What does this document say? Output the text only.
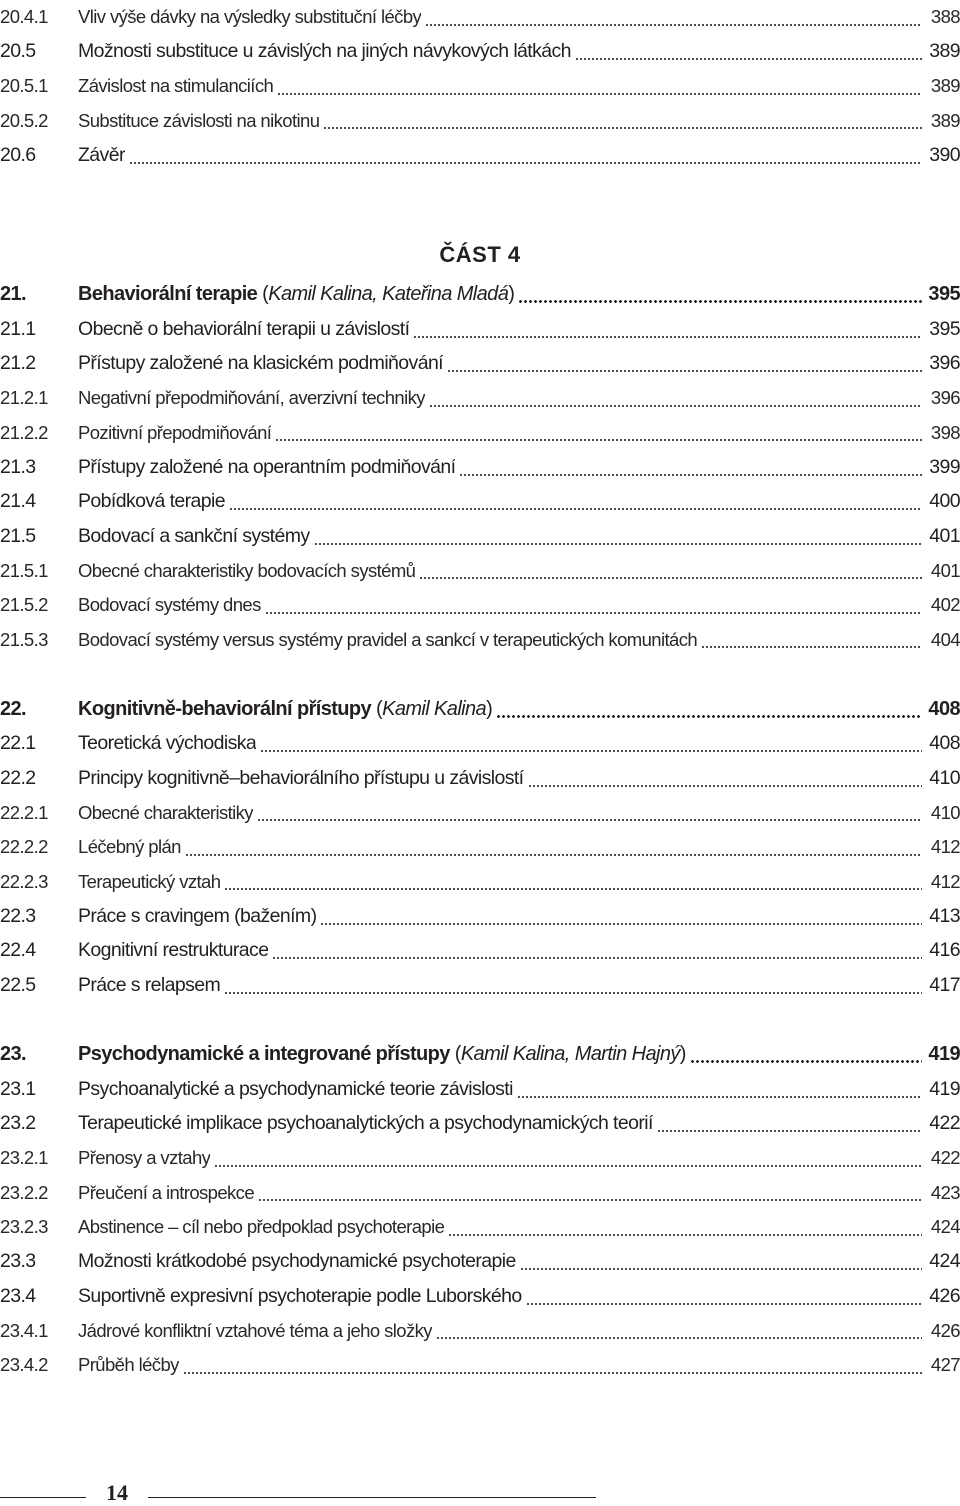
20.4.1	Vliv výše dávky na výsledky substituční léčby	388
20.5	Možnosti substituce u závislých na jiných návykových látkách	389
20.5.1	Závislost na stimulanciích	389
20.5.2	Substituce závislosti na nikotinu	389
20.6	Závěr	390
ČÁST 4
21.	Behaviorální terapie (Kamil Kalina, Kateřina Mladá)	395
21.1	Obecně o behaviorální terapii u závislostí	395
21.2	Přístupy založené na klasickém podmiňování	396
21.2.1	Negativní přepodmiňování, averzivní techniky	396
21.2.2	Pozitivní přepodmiňování	398
21.3	Přístupy založené na operantním podmiňování	399
21.4	Pobídková terapie	400
21.5	Bodovací a sankční systémy	401
21.5.1	Obecné charakteristiky bodovacích systémů	401
21.5.2	Bodovací systémy dnes	402
21.5.3	Bodovací systémy versus systémy pravidel a sankcí v terapeutických komunitách	404
22.	Kognitivně-behaviorální přístupy (Kamil Kalina)	408
22.1	Teoretická východiska	408
22.2	Principy kognitivně–behaviorálního přístupu u závislostí	410
22.2.1	Obecné charakteristiky	410
22.2.2	Léčebný plán	412
22.2.3	Terapeutický vztah	412
22.3	Práce s cravingem (bažením)	413
22.4	Kognitivní restrukturace	416
22.5	Práce s relapsem	417
23.	Psychodynamické a integrované přístupy (Kamil Kalina, Martin Hajný)	419
23.1	Psychoanalytické a psychodynamické teorie závislosti	419
23.2	Terapeutické implikace psychoanalytických a psychodynamických teorií	422
23.2.1	Přenosy a vztahy	422
23.2.2	Přeučení a introspekce	423
23.2.3	Abstinence – cíl nebo předpoklad psychoterapie	424
23.3	Možnosti krátkodobé psychodynamické psychoterapie	424
23.4	Suportivně expresivní psychoterapie podle Luborského	426
23.4.1	Jádrové konfliktní vztahové téma a jeho složky	426
23.4.2	Průběh léčby	427
14
